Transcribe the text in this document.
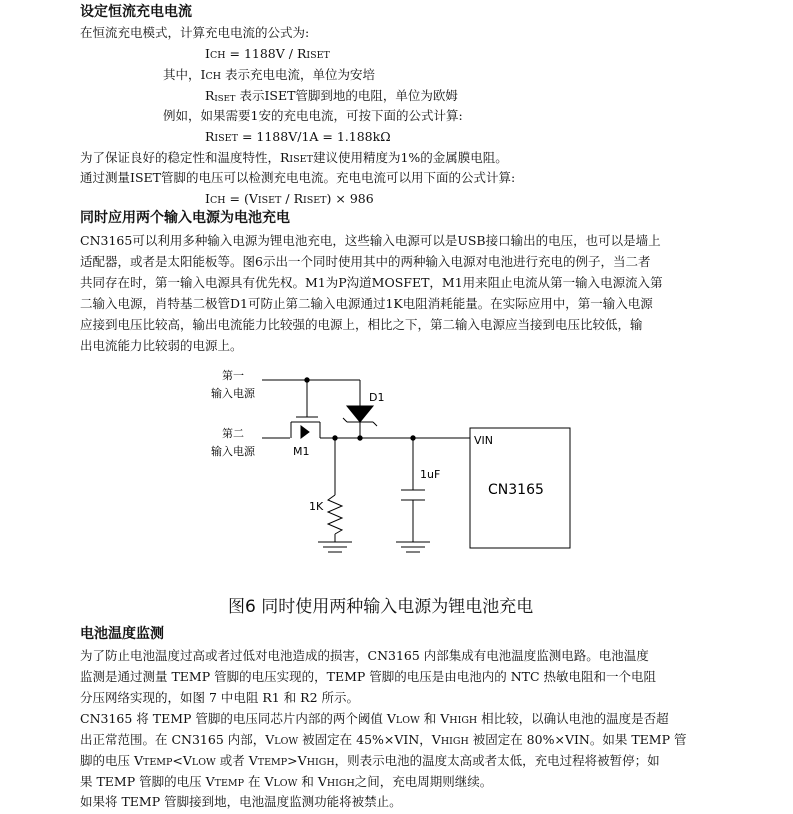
设定恒流充电电流
在恒流充电模式，计算充电电流的公式为:
ICH = 1188V / RISET
其中，ICH 表示充电电流，单位为安培
$R_{ISET}$ 表示ISET管脚到地的电阻，单位为欧姆
例如，如果需要1安的充电电流，可按下面的公式计算:
RISET = 1188V/1A = 1.188kΩ
为了保证良好的稳定性和温度特性，RISET建议使用精度为1%的金属膜电阻。
通过测量ISET管脚的电压可以检测充电电流。充电电流可以用下面的公式计算:
ICH = (VISET / RISET) × 986
同时应用两个输入电源为电池充电
CN3165可以利用多种输入电源为锂电池充电，这些输入电源可以是USB接口输出的电压，也可以是墙上
适配器，或者是太阳能板等。图6示出一个同时使用其中的两种输入电源对电池进行充电的例子，当二者
共同存在时，第一输入电源具有优先权。M1为P沟道MOSFET，M1用来阻止电流从第一输入电源流入第
二输入电源，肖特基二极管D1可防止第二输入电源通过1K电阻消耗能量。在实际应用中，第一输入电源
应接到电压比较高，输出电流能力比较强的电源上，相比之下，第二输入电源应当接到电压比较低，输
出电流能力比较弱的电源上。
第一
输入电源
第二
输入电源	M1
D1
1K
1uF
VIN
CN3165
图6 同时使用两种输入电源为锂电池充电
电池温度监测
为了防止电池温度过高或者过低对电池造成的损害，CN3165 内部集成有电池温度监测电路。电池温度
监测是通过测量 TEMP 管脚的电压实现的，TEMP 管脚的电压是由电池内的 NTC 热敏电阻和一个电阻
分压网络实现的，如图 7 中电阻 R1 和 R2 所示。
CN3165 将 TEMP 管脚的电压同芯片内部的两个阈值 VLOW 和 VHIGH 相比较，以确认电池的温度是否超
出正常范围。在 CN3165 内部，VLOW 被固定在 45%×VIN，VHIGH 被固定在 80%×VIN。如果 TEMP 管
脚的电压 VTEMP<VLOW 或者 VTEMP>VHIGH，则表示电池的温度太高或者太低，充电过程将被暂停；如
果 TEMP 管脚的电压 VTEMP 在 VLOW 和 VHIGH之间，充电周期则继续。
如果将 TEMP 管脚接到地，电池温度监测功能将被禁止。
